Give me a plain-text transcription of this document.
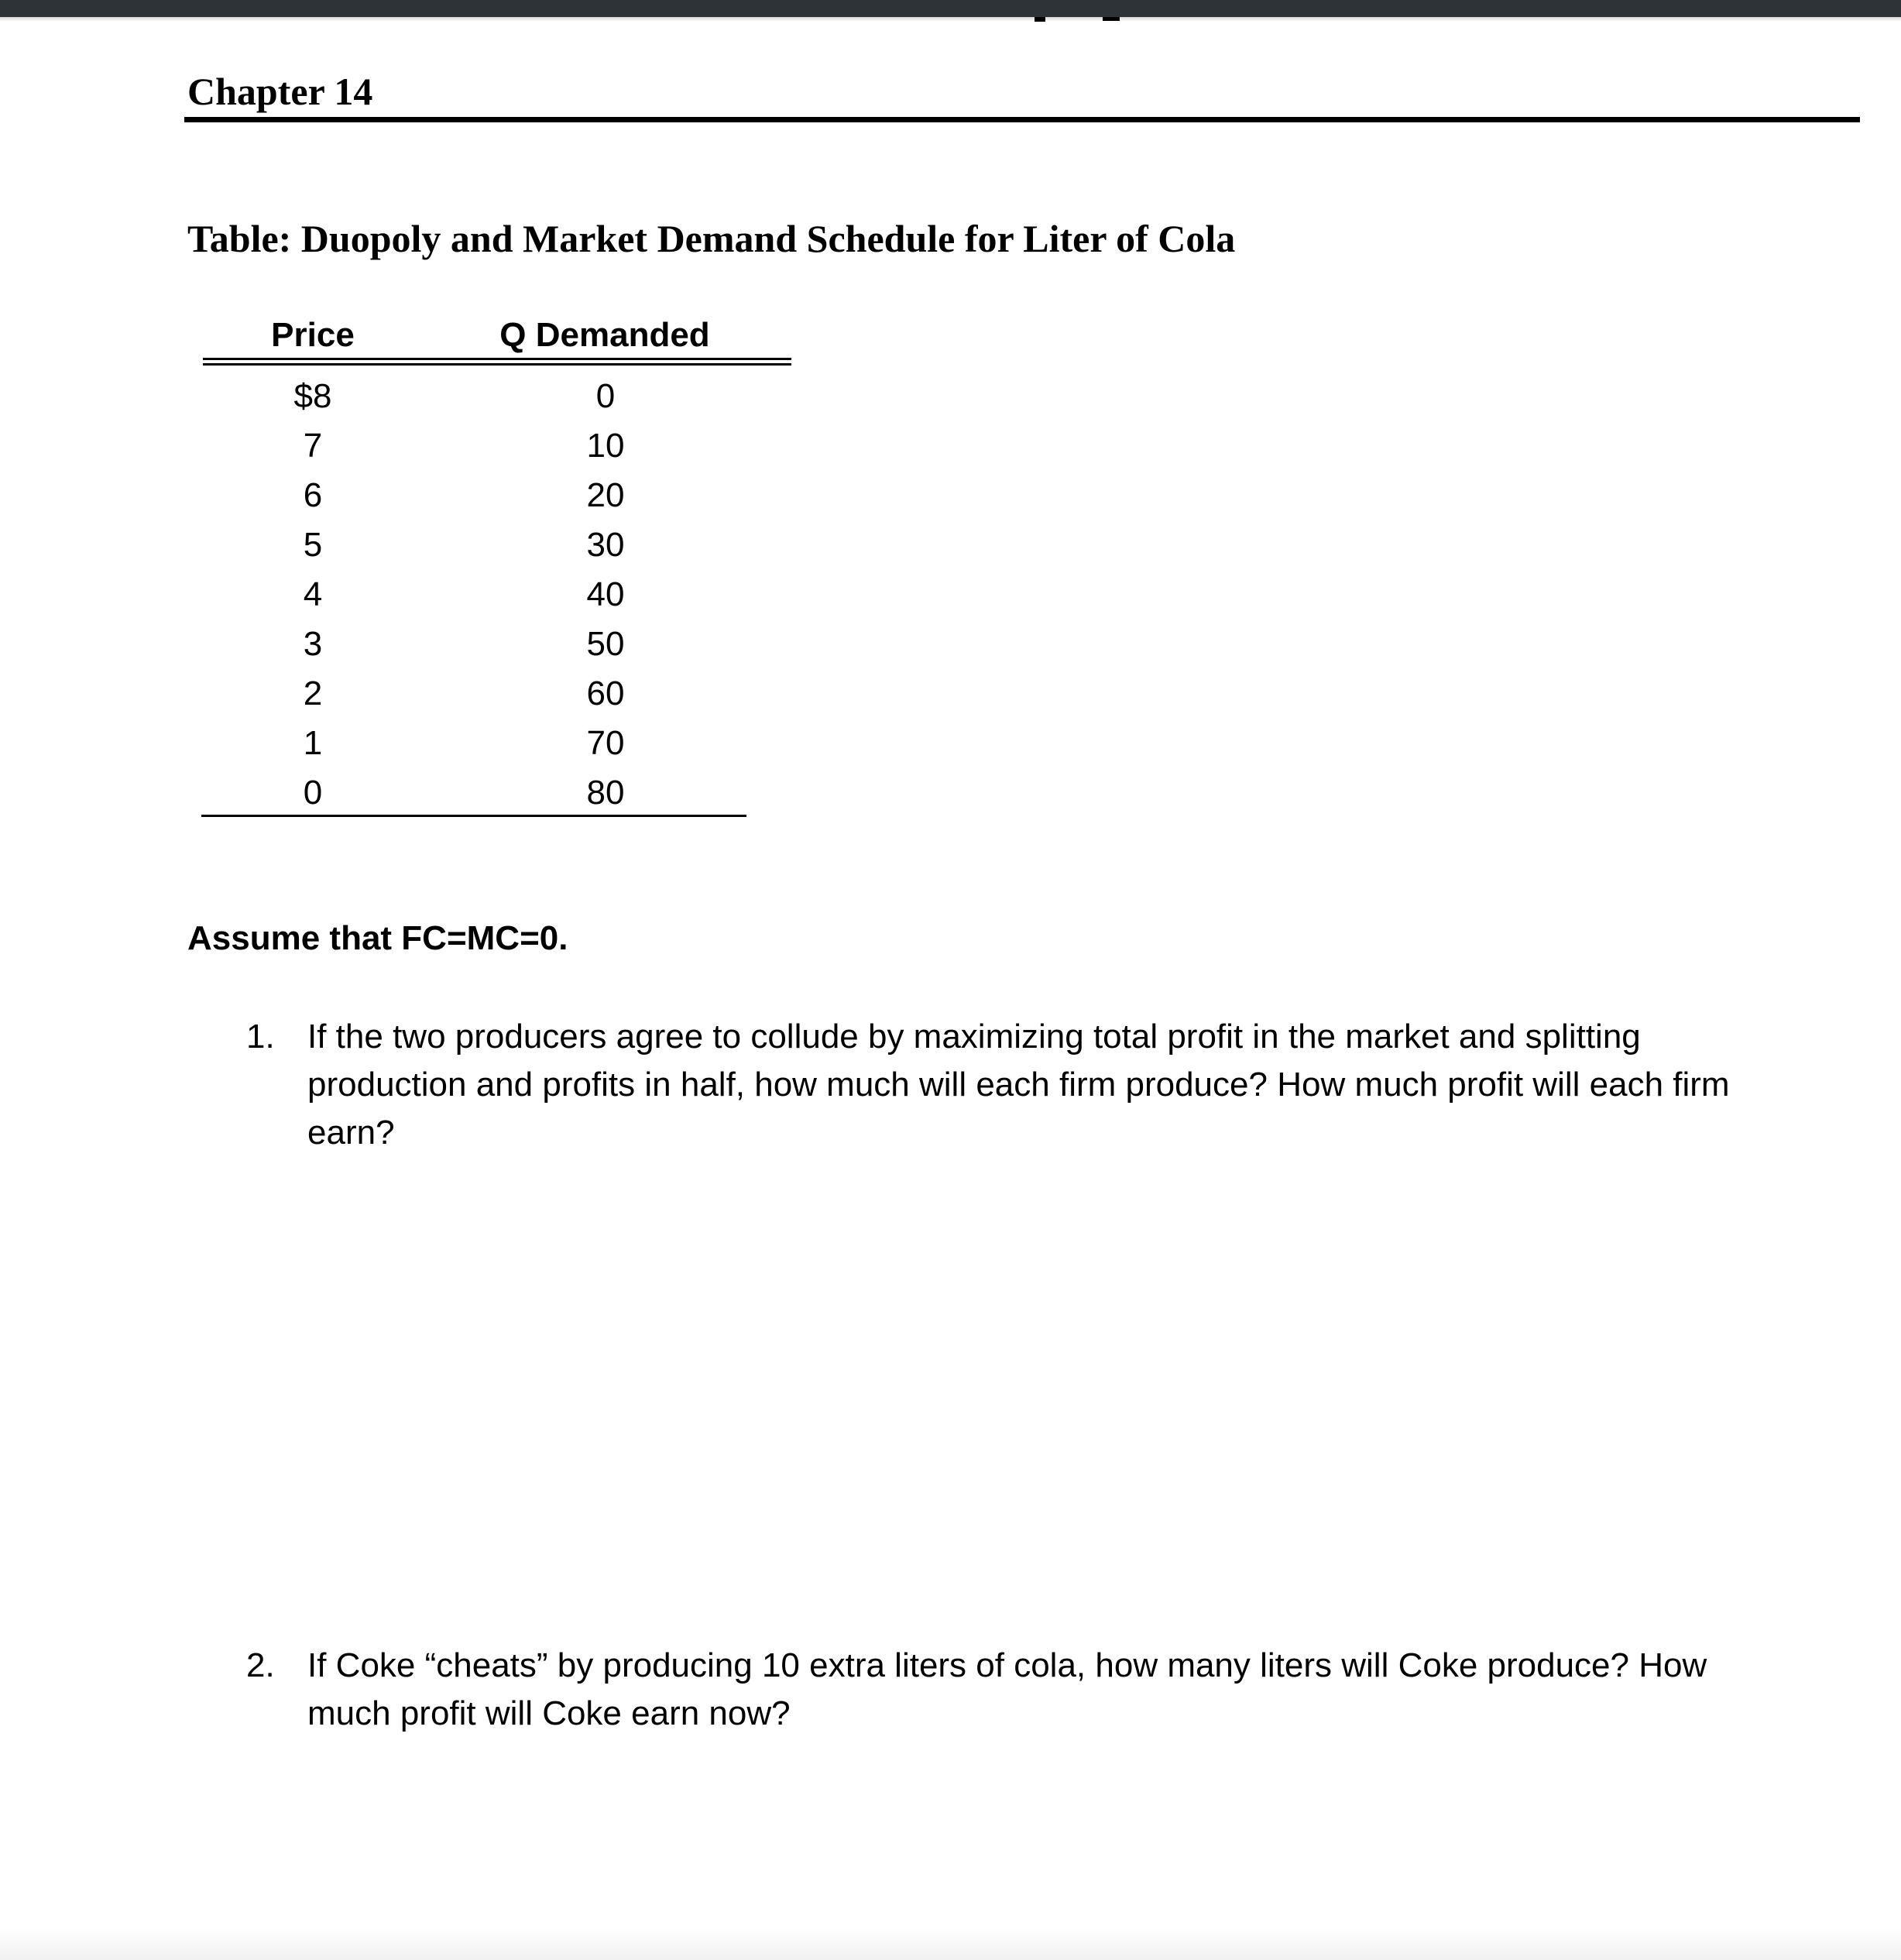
Chapter 14
Table: Duopoly and Market Demand Schedule for Liter of Cola
Price	Q Demanded
$8	0
7	10
6	20
5	30
4	40
3	50
2	60
1	70
0	80
Assume that FC=MC=0.
1. If the two producers agree to collude by maximizing total profit in the market and splitting production and profits in half, how much will each firm produce? How much profit will each firm earn?
2. If Coke “cheats” by producing 10 extra liters of cola, how many liters will Coke produce? How much profit will Coke earn now?
